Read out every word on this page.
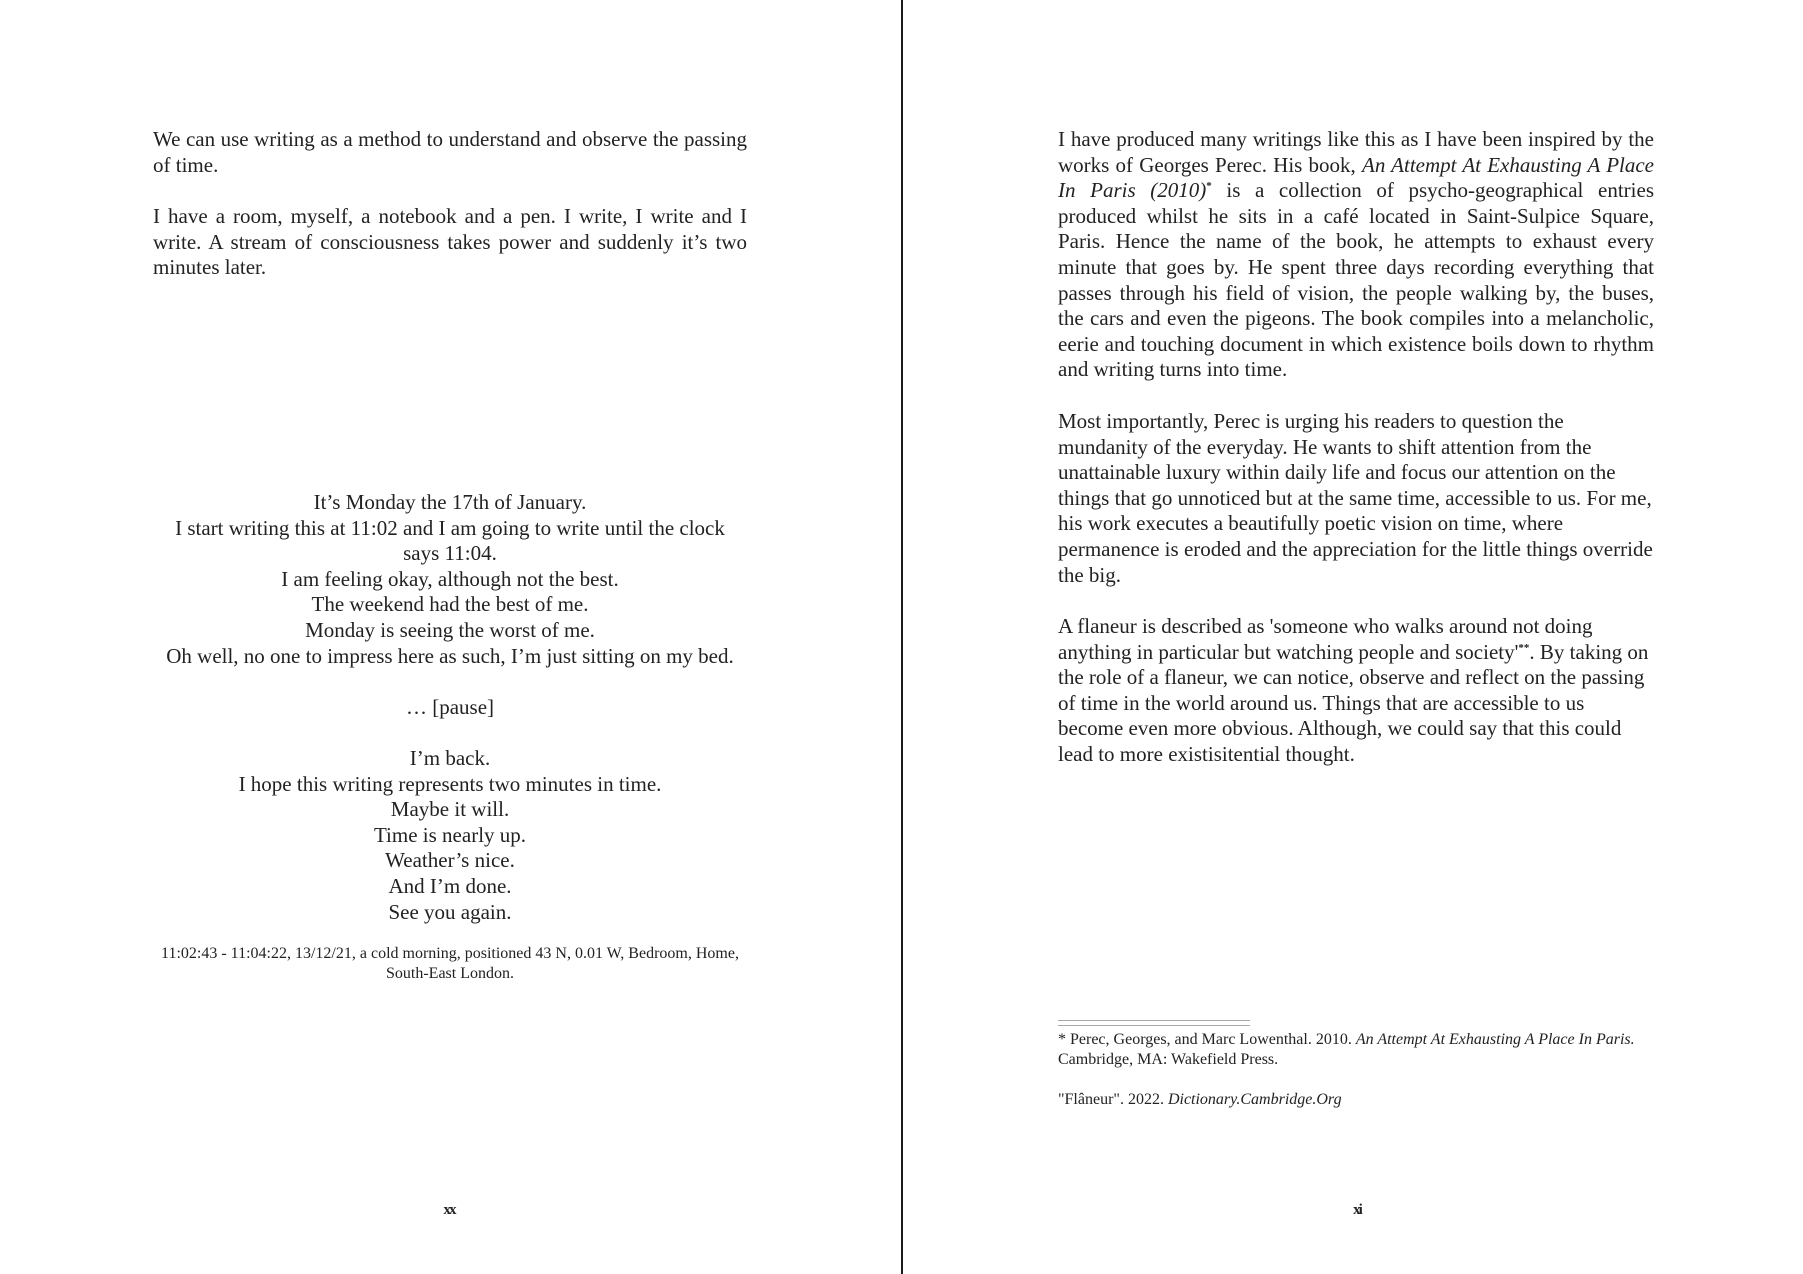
We can use writing as a method to understand and observe the passing of time.

I have a room, myself, a notebook and a pen. I write, I write and I write. A stream of consciousness takes power and suddenly it’s two minutes later.

It’s Monday the 17th of January.
I start writing this at 11:02 and I am going to write until the clock says 11:04.
I am feeling okay, although not the best.
The weekend had the best of me.
Monday is seeing the worst of me.
Oh well, no one to impress here as such, I’m just sitting on my bed.
… [pause]
I’m back.
I hope this writing represents two minutes in time.
Maybe it will.
Time is nearly up.
Weather’s nice.
And I’m done.
See you again.
11:02:43 - 11:04:22, 13/12/21, a cold morning, positioned 43 N, 0.01 W, Bedroom, Home, South-East London.
xx

I have produced many writings like this as I have been inspired by the works of Georges Perec. His book, An Attempt At Exhausting A Place In Paris (2010)* is a collection of psycho-geographical entries produced whilst he sits in a café located in Saint-Sulpice Square, Paris. Hence the name of the book, he attempts to exhaust every minute that goes by. He spent three days recording everything that passes through his field of vision, the people walking by, the buses, the cars and even the pigeons. The book compiles into a melancholic, eerie and touching document in which existence boils down to rhythm and writing turns into time.

Most importantly, Perec is urging his readers to question the mundanity of the everyday. He wants to shift attention from the unattainable luxury within daily life and focus our attention on the things that go unnoticed but at the same time, accessible to us. For me, his work executes a beautifully poetic vision on time, where permanence is eroded and the appreciation for the little things override the big.

A flaneur is described as 'someone who walks around not doing anything in particular but watching people and society'**. By taking on the role of a flaneur, we can notice, observe and reflect on the passing of time in the world around us. Things that are accessible to us become even more obvious. Although, we could say that this could lead to more existisitential thought.

* Perec, Georges, and Marc Lowenthal. 2010. An Attempt At Exhausting A Place In Paris. Cambridge, MA: Wakefield Press.

"Flâneur". 2022. Dictionary.Cambridge.Org

xi
